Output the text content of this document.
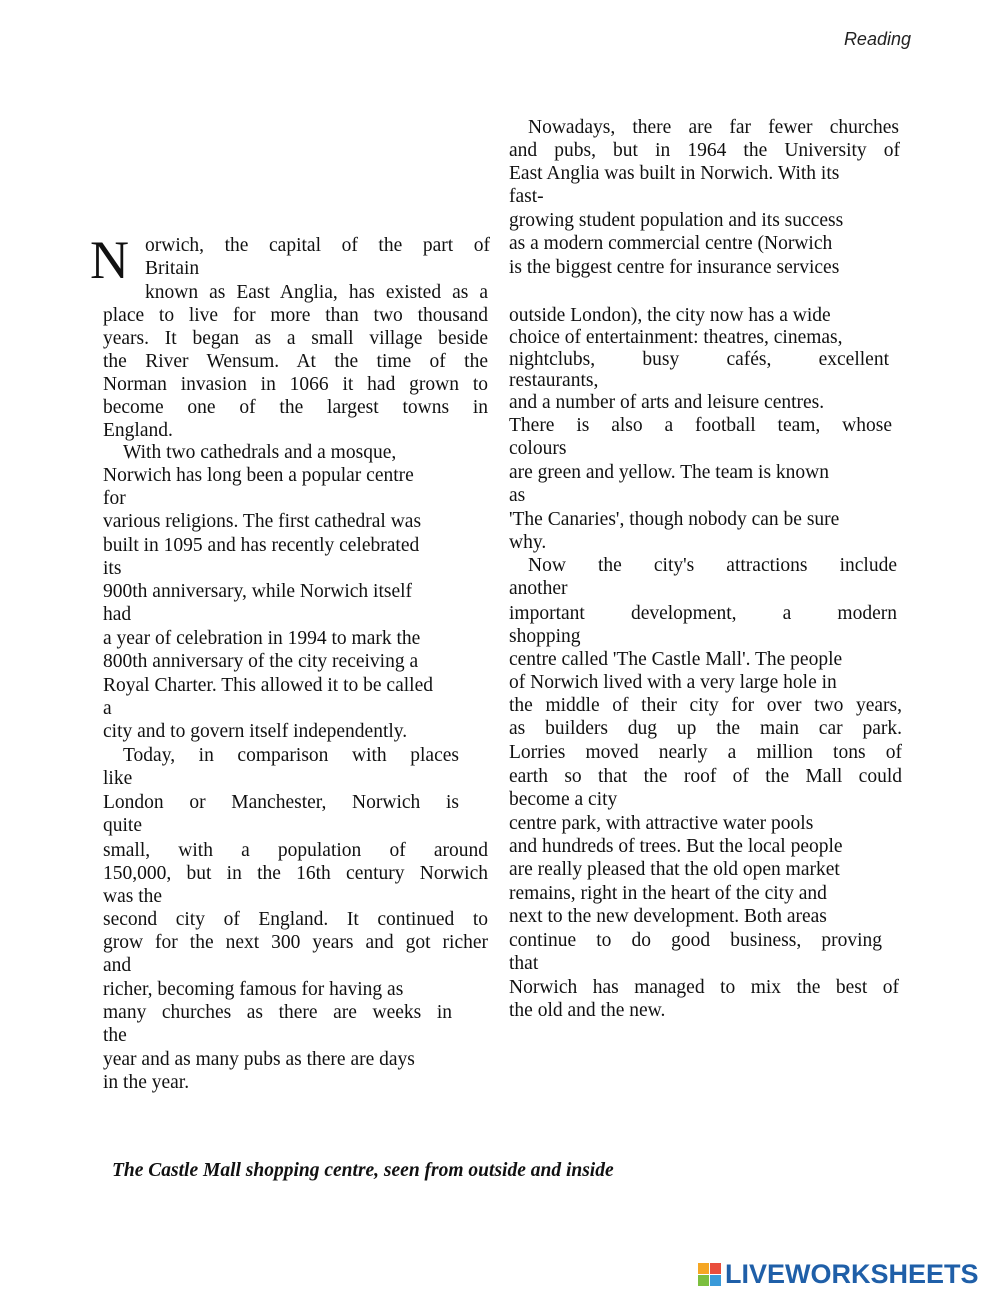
Reading
N orwich, the capital of the part of
Britain
known as East Anglia, has existed as a
place to live for more than two thousand
years. It began as a small village beside
the River Wensum. At the time of the
Norman invasion in 1066 it had grown to
become one of the largest towns in
England.
With two cathedrals and a mosque,
Norwich has long been a popular centre
for
various religions. The first cathedral was
built in 1095 and has recently celebrated
its
900th anniversary, while Norwich itself
had
a year of celebration in 1994 to mark the
800th anniversary of the city receiving a
Royal Charter. This allowed it to be called
a
city and to govern itself independently.
Today, in comparison with places
like
London or Manchester, Norwich is
quite
small, with a population of around
150,000, but in the 16th century Norwich
was the
second city of England. It continued to
grow for the next 300 years and got richer
and
richer, becoming famous for having as
many churches as there are weeks in
the
year and as many pubs as there are days
in the year.
Nowadays, there are far fewer churches
and pubs, but in 1964 the University of
East Anglia was built in Norwich. With its
fast-
growing student population and its success
as a modern commercial centre (Norwich
is the biggest centre for insurance services
outside London), the city now has a wide
choice of entertainment: theatres, cinemas,
nightclubs, busy cafés, excellent
restaurants,
and a number of arts and leisure centres.
There is also a football team, whose
colours
are green and yellow. The team is known
as
'The Canaries', though nobody can be sure
why.
Now the city's attractions include
another
important development, a modern
shopping
centre called 'The Castle Mall'. The people
of Norwich lived with a very large hole in
the middle of their city for over two years,
as builders dug up the main car park.
Lorries moved nearly a million tons of
earth so that the roof of the Mall could
become a city
centre park, with attractive water pools
and hundreds of trees. But the local people
are really pleased that the old open market
remains, right in the heart of the city and
next to the new development. Both areas
continue to do good business, proving
that
Norwich has managed to mix the best of
the old and the new.
The Castle Mall shopping centre, seen from outside and inside
LIVEWORKSHEETS
